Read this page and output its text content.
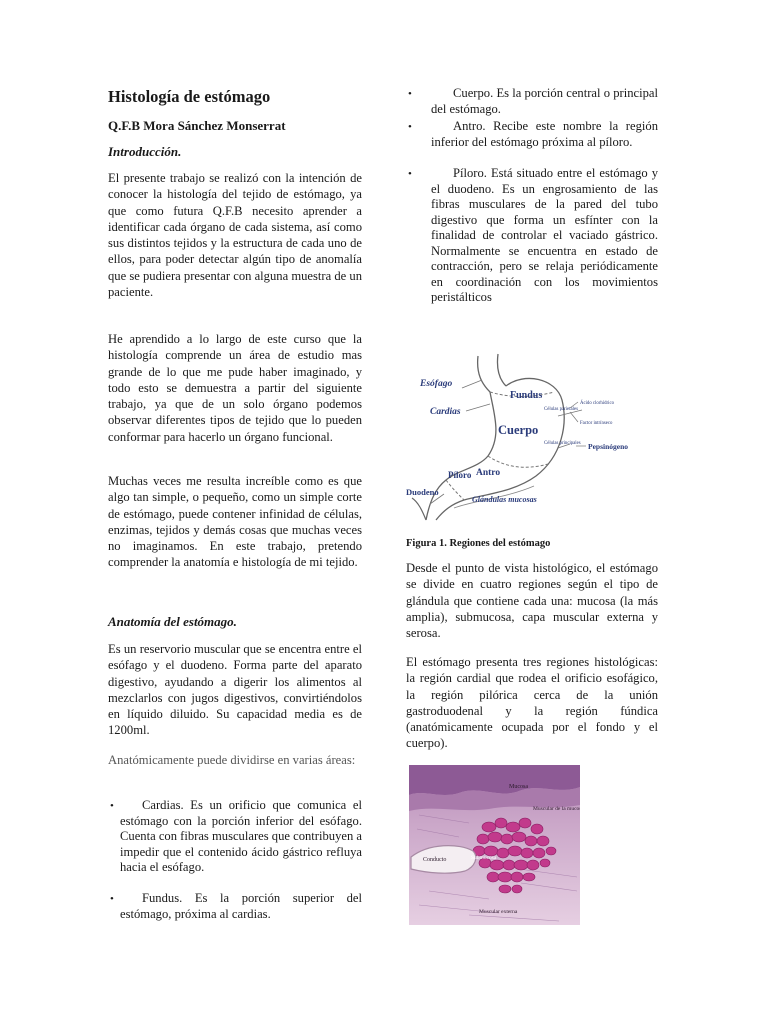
Histología de estómago
Q.F.B Mora Sánchez Monserrat
Introducción.

El presente trabajo se realizó con la intención de conocer la histología del tejido de estómago, ya que como futura Q.F.B necesito aprender a identificar cada órgano de cada sistema, así como sus distintos tejidos y la estructura de cada uno de ellos, para poder detectar algún tipo de anomalía que se pudiera presentar con alguna muestra de un paciente.

He aprendido a lo largo de este curso que la histología comprende un área de estudio mas grande de lo que me pude haber imaginado, y todo esto se demuestra a partir del siguiente trabajo, ya que de un solo órgano podemos observar diferentes tipos de tejido que lo pueden conformar para hacerlo un órgano funcional.

Muchas veces me resulta increíble como es que algo tan simple, o pequeño, como un simple corte de estómago, puede contener infinidad de células, enzimas, tejidos y demás cosas que muchas veces no imaginamos. En este trabajo, pretendo comprender la anatomía e histología de mi tejido.

Anatomía del estómago.

Es un reservorio muscular que se encentra entre el esófago y el duodeno. Forma parte del aparato digestivo, ayudando a digerir los alimentos al mezclarlos con jugos digestivos, convirtiéndolos en líquido diluido. Su capacidad media es de 1200ml.

Anatómicamente puede dividirse en varias áreas:

•	Cardias. Es un orificio que comunica el estómago con la porción inferior del esófago. Cuenta con fibras musculares que contribuyen a impedir que el contenido ácido gástrico refluya hacia el esófago.
•	Fundus. Es la porción superior del estómago, próxima al cardias.
•	Cuerpo. Es la porción central o principal del estómago.
•	Antro. Recibe este nombre la región inferior del estómago próxima al píloro.
•	Píloro. Está situado entre el estómago y el duodeno. Es un engrosamiento de las fibras musculares de la pared del tubo digestivo que forma un esfínter con la finalidad de controlar el vaciado gástrico. Normalmente se encuentra en estado de contracción, pero se relaja periódicamente en coordinación con los movimientos peristálticos
Esófago
Cardias
Fundus
Cuerpo
Antro
Píloro
Duodeno
Glándulas mucosas
Células parietales
Ácido clorhídrico
Factor intrínseco
Células principales Pepsinógeno
Figura 1. Regiones del estómago

Desde el punto de vista histológico, el estómago se divide en cuatro regiones según el tipo de glándula que contiene cada una: mucosa (la más amplia), submucosa, capa muscular externa y serosa.

El estómago presenta tres regiones histológicas: la región cardial que rodea el orificio esofágico, la región pilórica cerca de la unión gastroduodenal y la región fúndica (anatómicamente ocupada por el fondo y el cuerpo).

Mucosa
Muscular de la mucosa
Conducto	Submucosa
Muscular externa
